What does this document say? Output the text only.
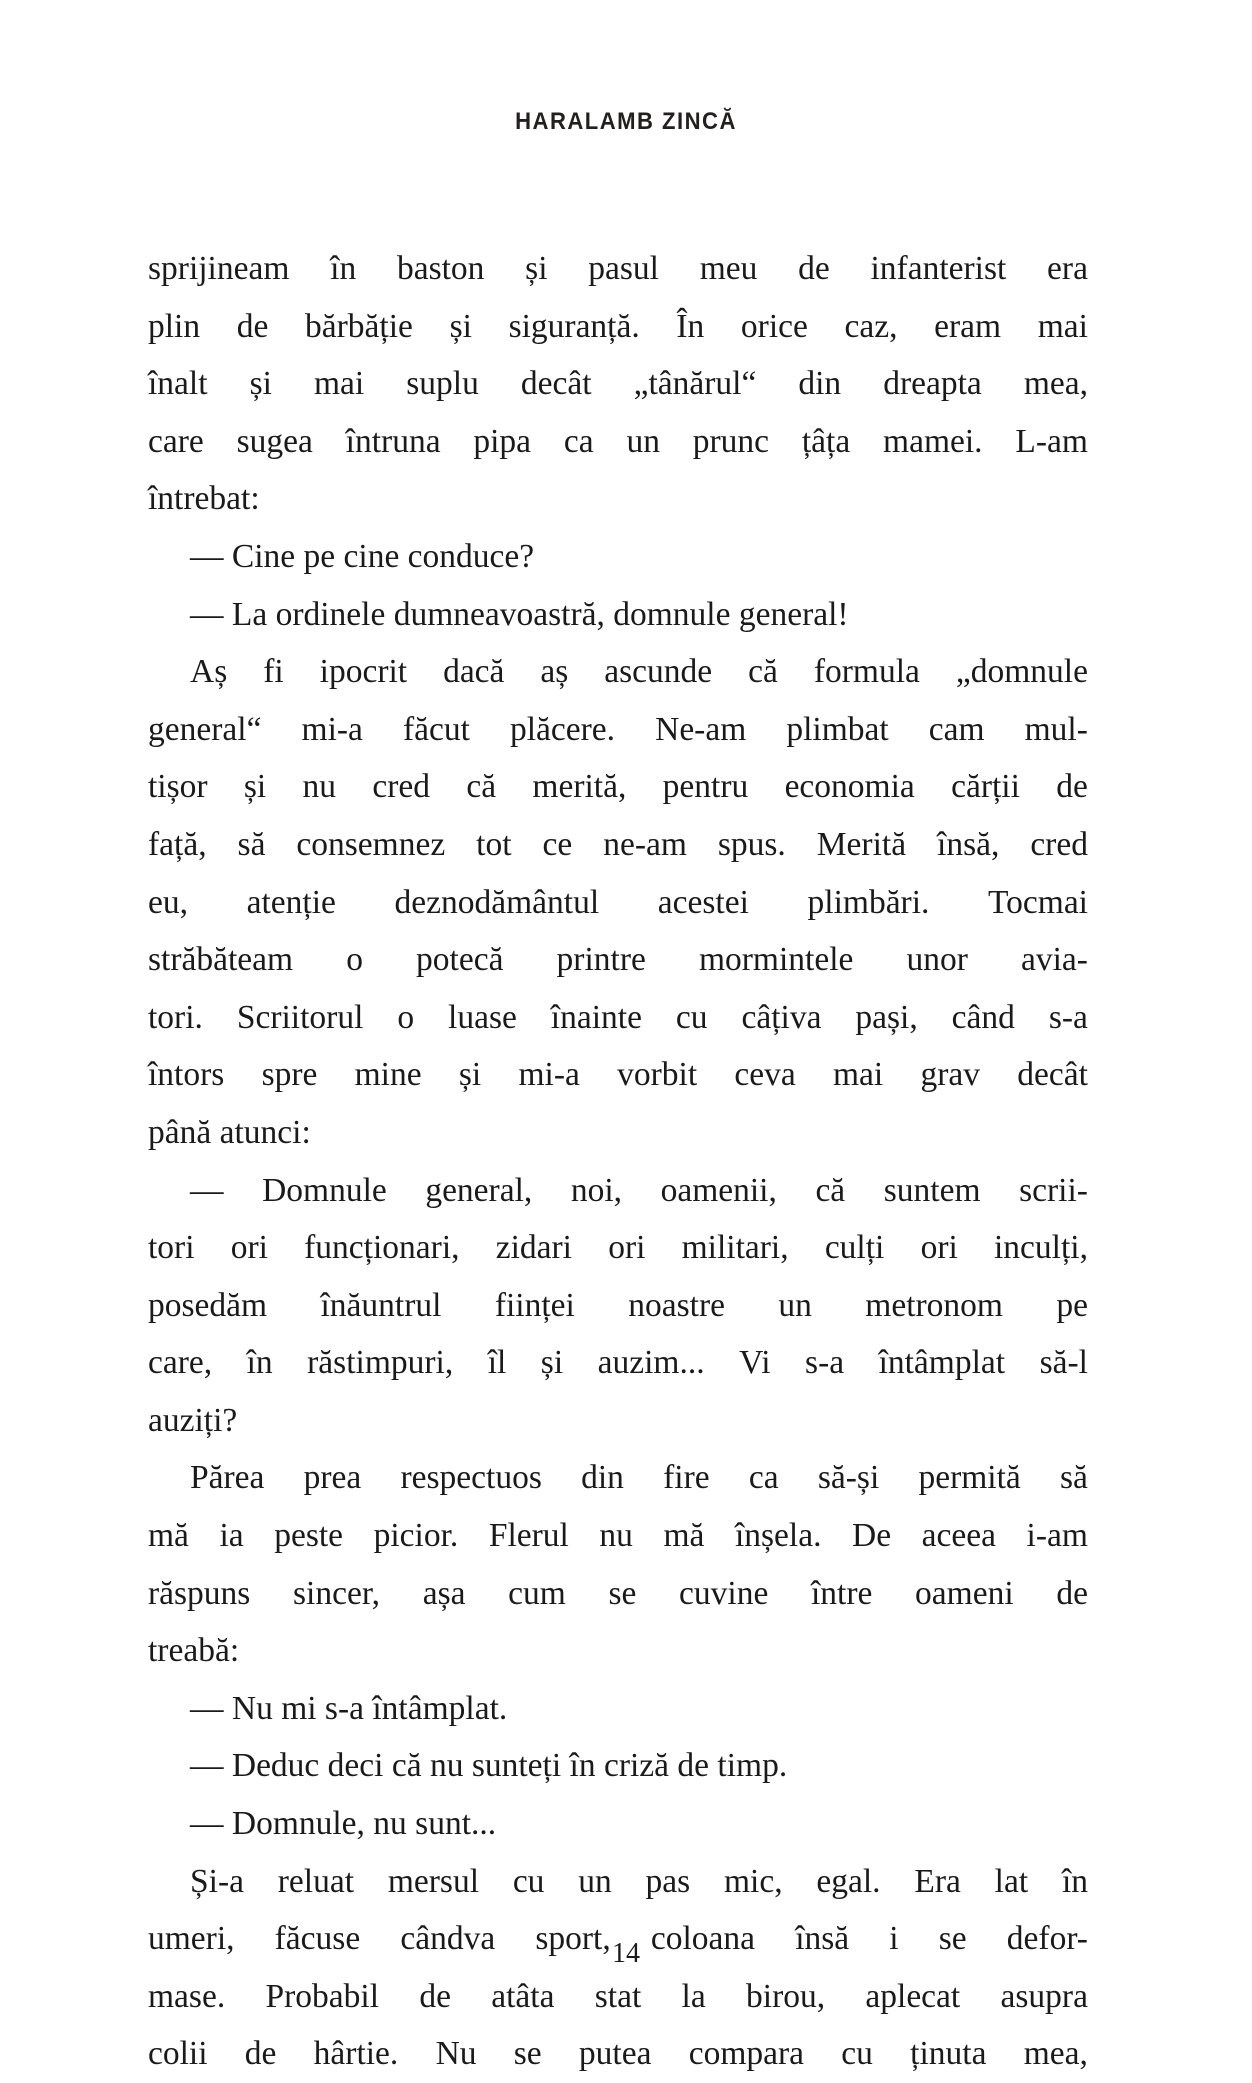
HARALAMB ZINCĂ
sprijineam în baston și pasul meu de infanterist era
plin de bărbăție și siguranță. În orice caz, eram mai
înalt și mai suplu decât „tânărul“ din dreapta mea,
care sugea întruna pipa ca un prunc țâța mamei. L-am
întrebat:
— Cine pe cine conduce?
— La ordinele dumneavoastră, domnule general!
Aș fi ipocrit dacă aș ascunde că formula „domnule
general“ mi-a făcut plăcere. Ne-am plimbat cam mul-
tișor și nu cred că merită, pentru economia cărții de
față, să consemnez tot ce ne-am spus. Merită însă, cred
eu, atenție deznodământul acestei plimbări. Tocmai
străbăteam o potecă printre mormintele unor avia-
tori. Scriitorul o luase înainte cu câțiva pași, când s-a
întors spre mine și mi-a vorbit ceva mai grav decât
până atunci:
— Domnule general, noi, oamenii, că suntem scrii-
tori ori funcționari, zidari ori militari, culți ori inculți,
posedăm înăuntrul ființei noastre un metronom pe
care, în răstimpuri, îl și auzim... Vi s-a întâmplat să-l
auziți?
Părea prea respectuos din fire ca să-și permită să
mă ia peste picior. Flerul nu mă înșela. De aceea i-am
răspuns sincer, așa cum se cuvine între oameni de
treabă:
— Nu mi s-a întâmplat.
— Deduc deci că nu sunteți în criză de timp.
— Domnule, nu sunt...
Și-a reluat mersul cu un pas mic, egal. Era lat în
umeri, făcuse cândva sport, coloana însă i se defor-
mase. Probabil de atâta stat la birou, aplecat asupra
colii de hârtie. Nu se putea compara cu ținuta mea,
14
